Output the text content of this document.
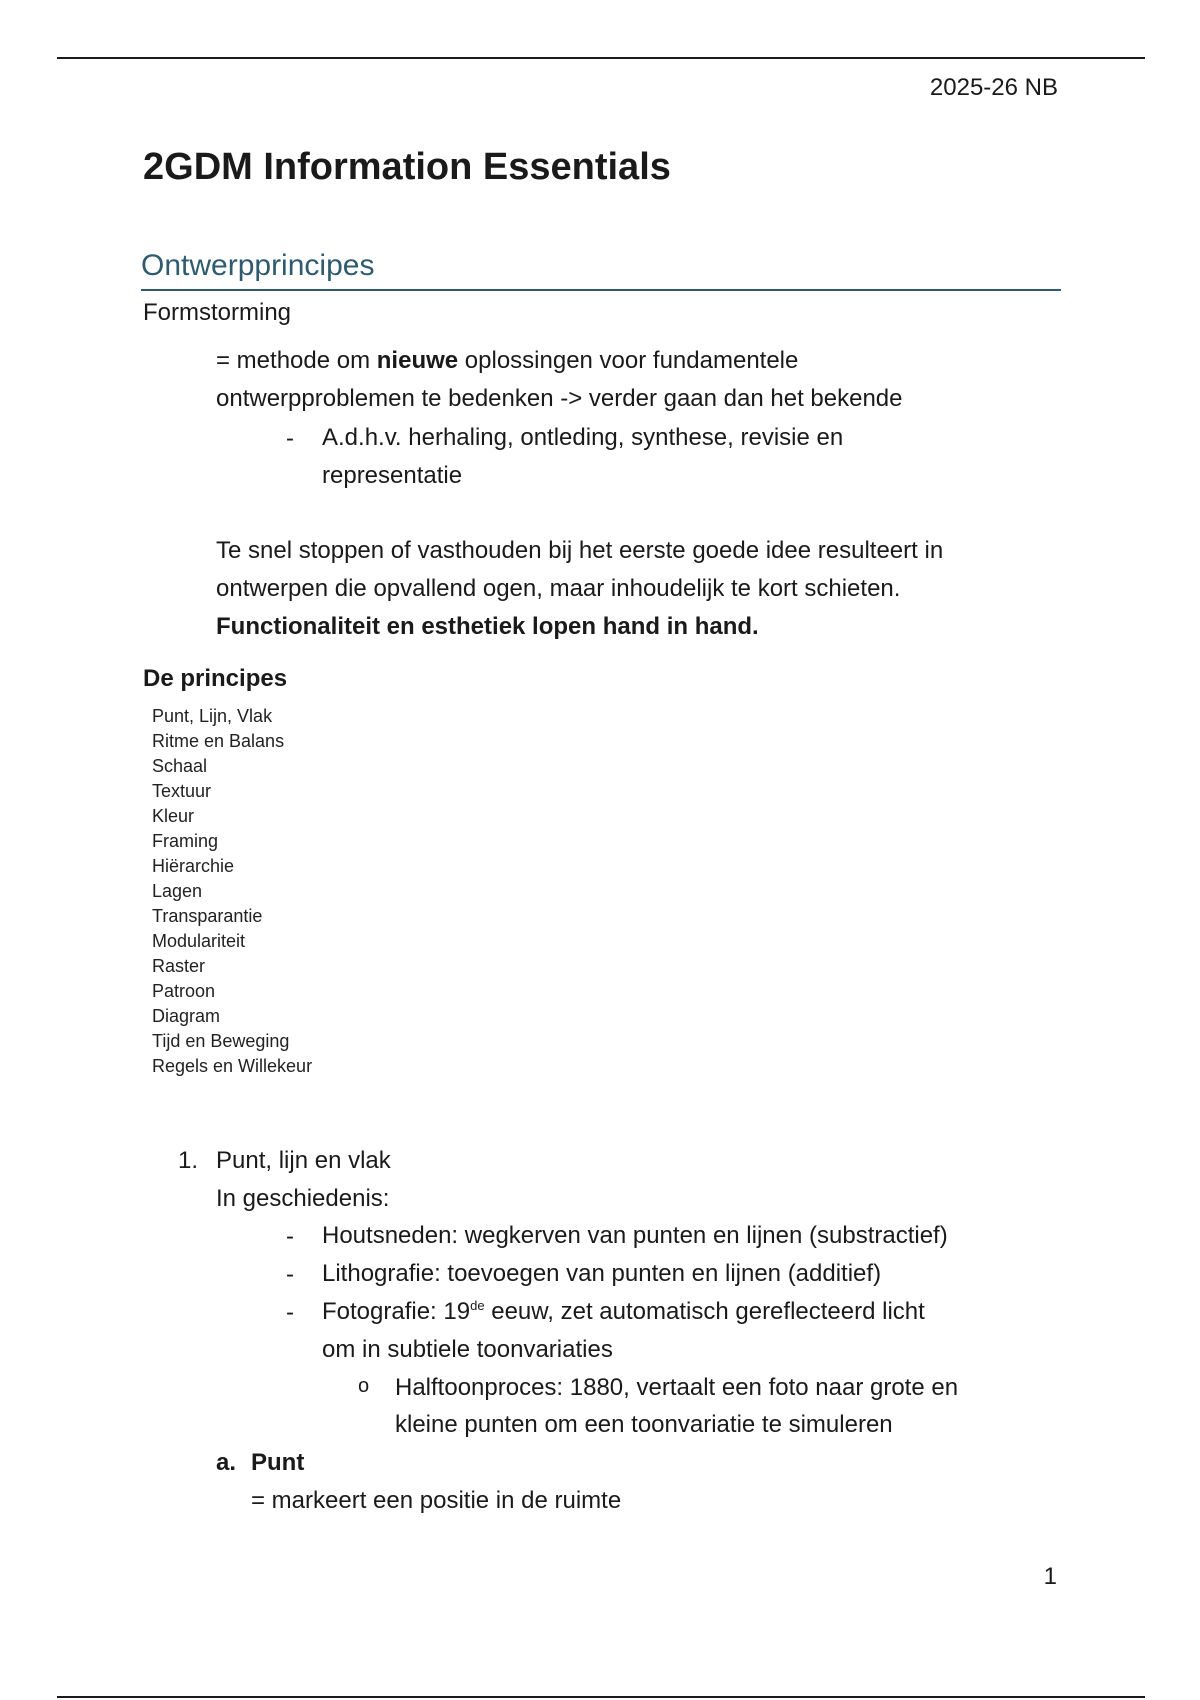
2025-26 NB
2GDM Information Essentials
Ontwerpprincipes
Formstorming
= methode om nieuwe oplossingen voor fundamentele
ontwerpproblemen te bedenken -> verder gaan dan het bekende
- A.d.h.v. herhaling, ontleding, synthese, revisie en
representatie
Te snel stoppen of vasthouden bij het eerste goede idee resulteert in
ontwerpen die opvallend ogen, maar inhoudelijk te kort schieten.
Functionaliteit en esthetiek lopen hand in hand.
De principes
Punt, Lijn, Vlak
Ritme en Balans
Schaal
Textuur
Kleur
Framing
Hiërarchie
Lagen
Transparantie
Modulariteit
Raster
Patroon
Diagram
Tijd en Beweging
Regels en Willekeur
1. Punt, lijn en vlak
In geschiedenis:
- Houtsneden: wegkerven van punten en lijnen (substractief)
- Lithografie: toevoegen van punten en lijnen (additief)
- Fotografie: 19de eeuw, zet automatisch gereflecteerd licht
om in subtiele toonvariaties
o Halftoonproces: 1880, vertaalt een foto naar grote en
kleine punten om een toonvariatie te simuleren
a. Punt
= markeert een positie in de ruimte
1
